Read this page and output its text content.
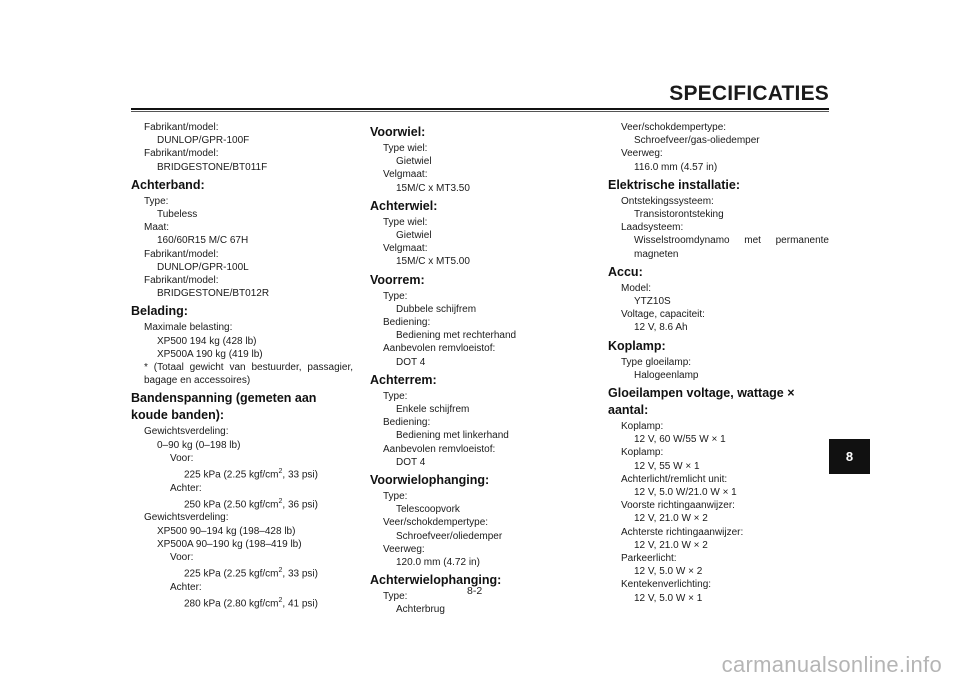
SPECIFICATIES
Fabrikant/model:
DUNLOP/GPR-100F
Fabrikant/model:
BRIDGESTONE/BT011F
Achterband:
Type:
Tubeless
Maat:
160/60R15 M/C 67H
Fabrikant/model:
DUNLOP/GPR-100L
Fabrikant/model:
BRIDGESTONE/BT012R
Belading:
Maximale belasting:
XP500 194 kg (428 lb)
XP500A 190 kg (419 lb)
* (Totaal gewicht van bestuurder, passagier, bagage en accessoires)
Bandenspanning (gemeten aan koude banden):
Gewichtsverdeling:
0–90 kg (0–198 lb)
Voor:
225 kPa (2.25 kgf/$cm^2$, 33 psi)
Achter:
250 kPa (2.50 kgf/$cm^2$, 36 psi)
Gewichtsverdeling:
XP500 90–194 kg (198–428 lb)
XP500A 90–190 kg (198–419 lb)
Voor:
225 kPa (2.25 kgf/$cm^2$, 33 psi)
Achter:
280 kPa (2.80 kgf/$cm^2$, 41 psi)
Voorwiel:
Type wiel:
Gietwiel
Velgmaat:
15M/C x MT3.50
Achterwiel:
Type wiel:
Gietwiel
Velgmaat:
15M/C x MT5.00
Voorrem:
Type:
Dubbele schijfrem
Bediening:
Bediening met rechterhand
Aanbevolen remvloeistof:
DOT 4
Achterrem:
Type:
Enkele schijfrem
Bediening:
Bediening met linkerhand
Aanbevolen remvloeistof:
DOT 4
Voorwielophanging:
Type:
Telescoopvork
Veer/schokdempertype:
Schroefveer/oliedemper
Veerweg:
120.0 mm (4.72 in)
Achterwielophanging:
Type:
Achterbrug
Veer/schokdempertype:
Schroefveer/gas-oliedemper
Veerweg:
116.0 mm (4.57 in)
Elektrische installatie:
Ontstekingssysteem:
Transistorontsteking
Laadsysteem:
Wisselstroomdynamo met permanente magneten
Accu:
Model:
YTZ10S
Voltage, capaciteit:
12 V, 8.6 Ah
Koplamp:
Type gloeilamp:
Halogeenlamp
Gloeilampen voltage, wattage × aantal:
Koplamp:
12 V, 60 W/55 W × 1
Koplamp:
12 V, 55 W × 1
Achterlicht/remlicht unit:
12 V, 5.0 W/21.0 W × 1
Voorste richtingaanwijzer:
12 V, 21.0 W × 2
Achterste richtingaanwijzer:
12 V, 21.0 W × 2
Parkeerlicht:
12 V, 5.0 W × 2
Kentekenverlichting:
12 V, 5.0 W × 1
8
8-2
carmanualsonline.info
